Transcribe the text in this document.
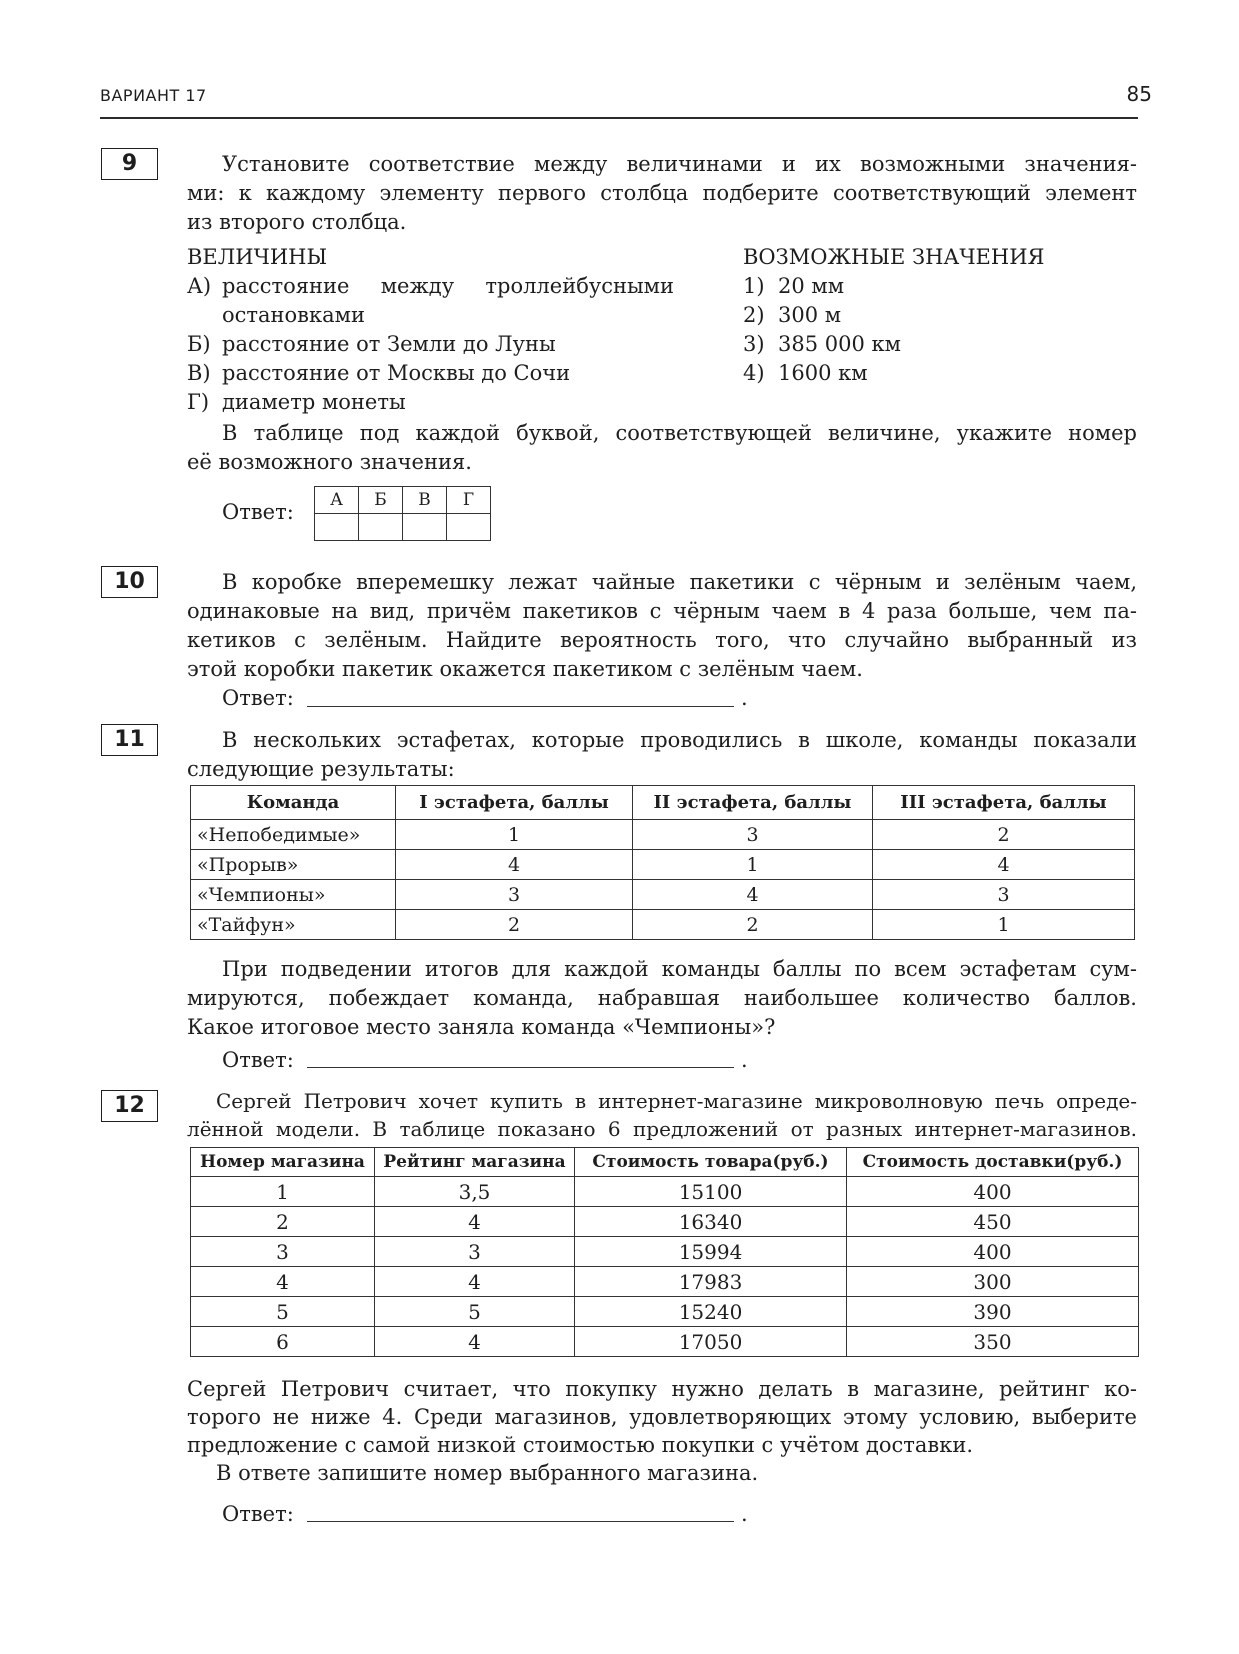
ВАРИАНТ 17	85
9	Установите соответствие между величинами и их возможными значения-
ми: к каждому элементу первого столбца подберите соответствующий элемент
из второго столбца.
ВЕЛИЧИНЫ	ВОЗМОЖНЫЕ ЗНАЧЕНИЯ
А) расстояние между троллейбусными
остановками
Б) расстояние от Земли до Луны
В) расстояние от Москвы до Сочи
Г) диаметр монеты
1) 20 мм
2) 300 м
3) 385 000 км
4) 1600 км
В таблице под каждой буквой, соответствующей величине, укажите номер
её возможного значения.
Ответ: А	Б	В	Г

10	В коробке вперемешку лежат чайные пакетики с чёрным и зелёным чаем,
одинаковые на вид, причём пакетиков с чёрным чаем в 4 раза больше, чем па-
кетиков с зелёным. Найдите вероятность того, что случайно выбранный из
этой коробки пакетик окажется пакетиком с зелёным чаем.
Ответ:	.
11	В нескольких эстафетах, которые проводились в школе, команды показали
следующие результаты:
Команда	I эстафета, баллы	II эстафета, баллы	III эстафета, баллы
«Непобедимые»	1	3	2
«Прорыв»	4	1	4
«Чемпионы»	3	4	3
«Тайфун»	2	2	1
При подведении итогов для каждой команды баллы по всем эстафетам сум-
мируются, побеждает команда, набравшая наибольшее количество баллов.
Какое итоговое место заняла команда «Чемпионы»?
Ответ:	.
12	Сергей Петрович хочет купить в интернет-магазине микроволновую печь опреде-
лённой модели. В таблице показано 6 предложений от разных интернет-магазинов.
Номер магазина	Рейтинг магазина	Стоимость товара(руб.)	Стоимость доставки(руб.)
1	3,5	15100	400
2	4	16340	450
3	3	15994	400
4	4	17983	300
5	5	15240	390
6	4	17050	350
Сергей Петрович считает, что покупку нужно делать в магазине, рейтинг ко-
торого не ниже 4. Среди магазинов, удовлетворяющих этому условию, выберите
предложение с самой низкой стоимостью покупки с учётом доставки.
В ответе запишите номер выбранного магазина.
Ответ:	.
